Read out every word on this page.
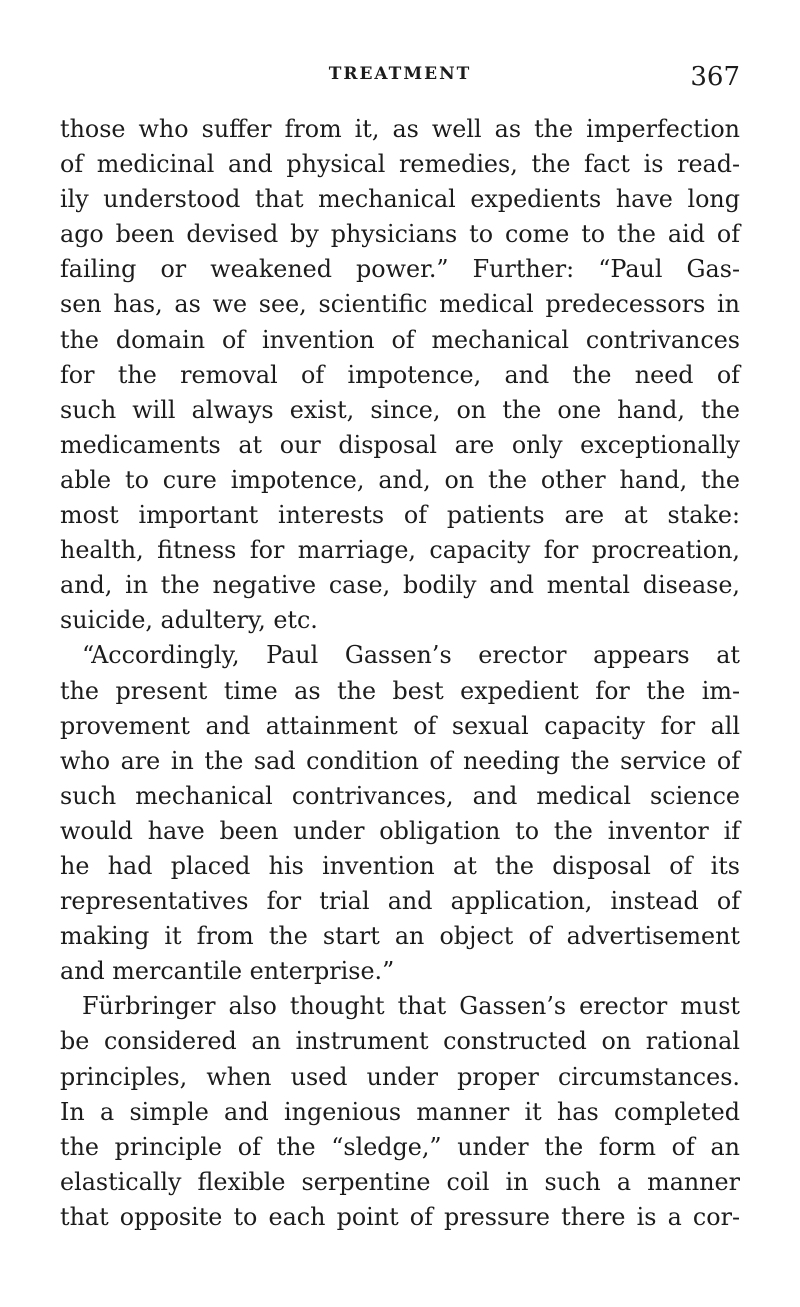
TREATMENT	367
those who suffer from it, as well as the imperfection
of medicinal and physical remedies, the fact is read-
ily understood that mechanical expedients have long
ago been devised by physicians to come to the aid of
failing or weakened power.” Further: “Paul Gas-
sen has, as we see, scientific medical predecessors in
the domain of invention of mechanical contrivances
for the removal of impotence, and the need of
such will always exist, since, on the one hand, the
medicaments at our disposal are only exceptionally
able to cure impotence, and, on the other hand, the
most important interests of patients are at stake:
health, fitness for marriage, capacity for procreation,
and, in the negative case, bodily and mental disease,
suicide, adultery, etc.
“Accordingly, Paul Gassen’s erector appears at
the present time as the best expedient for the im-
provement and attainment of sexual capacity for all
who are in the sad condition of needing the service of
such mechanical contrivances, and medical science
would have been under obligation to the inventor if
he had placed his invention at the disposal of its
representatives for trial and application, instead of
making it from the start an object of advertisement
and mercantile enterprise.”
Fürbringer also thought that Gassen’s erector must
be considered an instrument constructed on rational
principles, when used under proper circumstances.
In a simple and ingenious manner it has completed
the principle of the “sledge,” under the form of an
elastically flexible serpentine coil in such a manner
that opposite to each point of pressure there is a cor-
